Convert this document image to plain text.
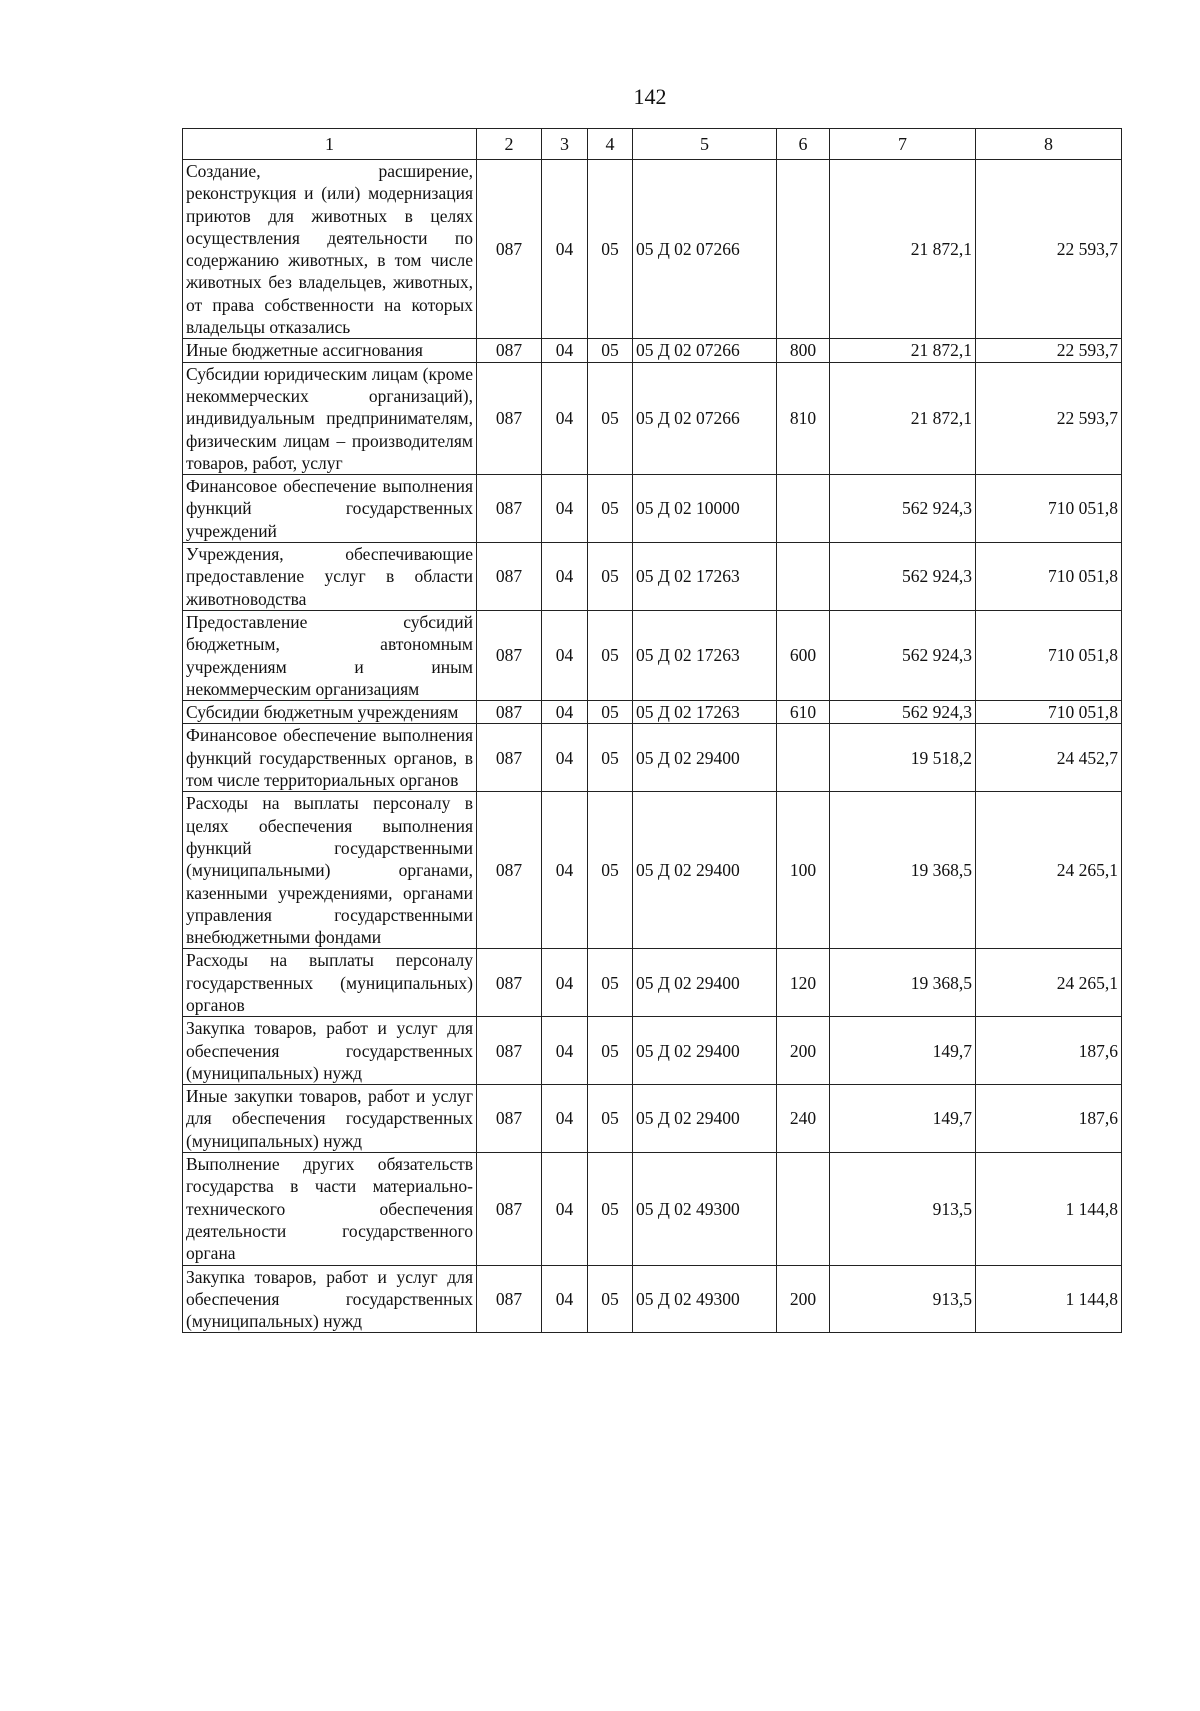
142
1	2	3	4	5	6	7	8
Создание, расширение, реконструкция и (или) модернизация приютов для животных в целях осуществления деятельности по содержанию животных, в том числе животных без владельцев, животных, от права собственности на которых владельцы отказались	087	04	05	05 Д 02 07266		21 872,1	22 593,7
Иные бюджетные ассигнования	087	04	05	05 Д 02 07266	800	21 872,1	22 593,7
Субсидии юридическим лицам (кроме некоммерческих организаций), индивидуальным предпринимателям, физическим лицам – производителям товаров, работ, услуг	087	04	05	05 Д 02 07266	810	21 872,1	22 593,7
Финансовое обеспечение выполнения функций государственных учреждений	087	04	05	05 Д 02 10000		562 924,3	710 051,8
Учреждения, обеспечивающие предоставление услуг в области животноводства	087	04	05	05 Д 02 17263		562 924,3	710 051,8
Предоставление субсидий бюджетным, автономным учреждениям и иным некоммерческим организациям	087	04	05	05 Д 02 17263	600	562 924,3	710 051,8
Субсидии бюджетным учреждениям	087	04	05	05 Д 02 17263	610	562 924,3	710 051,8
Финансовое обеспечение выполнения функций государственных органов, в том числе территориальных органов	087	04	05	05 Д 02 29400		19 518,2	24 452,7
Расходы на выплаты персоналу в целях обеспечения выполнения функций государственными (муниципальными) органами, казенными учреждениями, органами управления государственными внебюджетными фондами	087	04	05	05 Д 02 29400	100	19 368,5	24 265,1
Расходы на выплаты персоналу государственных (муниципальных) органов	087	04	05	05 Д 02 29400	120	19 368,5	24 265,1
Закупка товаров, работ и услуг для обеспечения государственных (муниципальных) нужд	087	04	05	05 Д 02 29400	200	149,7	187,6
Иные закупки товаров, работ и услуг для обеспечения государственных (муниципальных) нужд	087	04	05	05 Д 02 29400	240	149,7	187,6
Выполнение других обязательств государства в части материально-технического обеспечения деятельности государственного органа	087	04	05	05 Д 02 49300		913,5	1 144,8
Закупка товаров, работ и услуг для обеспечения государственных (муниципальных) нужд	087	04	05	05 Д 02 49300	200	913,5	1 144,8
